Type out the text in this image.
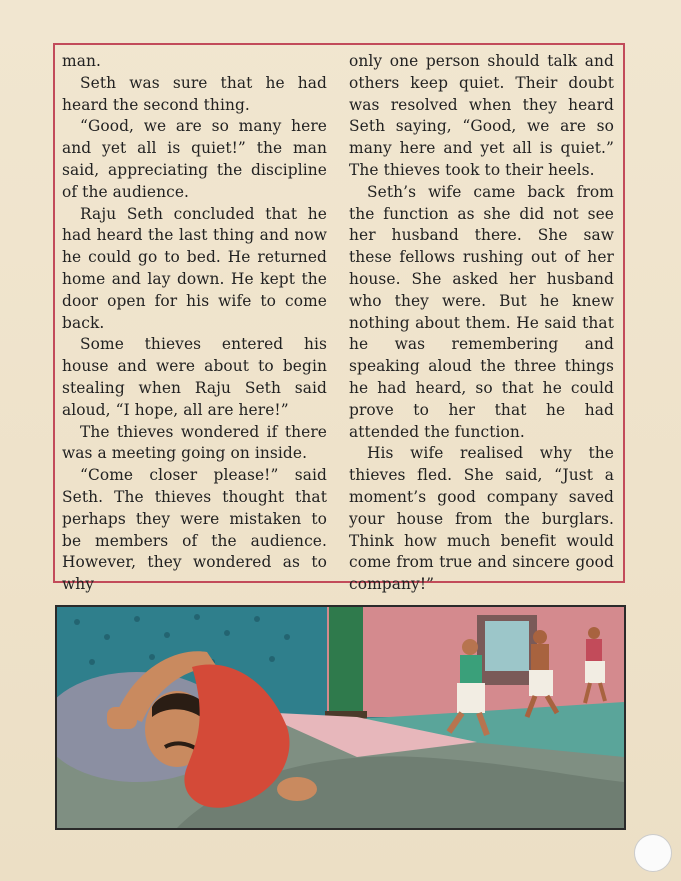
man.

Seth was sure that he had heard the second thing.

“Good, we are so many here and yet all is quiet!” the man said, appreciating the discipline of the audience.

Raju Seth concluded that he had heard the last thing and now he could go to bed. He returned home and lay down. He kept the door open for his wife to come back.

Some thieves entered his house and were about to begin stealing when Raju Seth said aloud, “I hope, all are here!”

The thieves wondered if there was a meeting going on inside.

“Come closer please!” said Seth. The thieves thought that perhaps they were mistaken to be members of the audience. However, they wondered as to why

only one person should talk and others keep quiet. Their doubt was resolved when they heard Seth saying, “Good, we are so many here and yet all is quiet.” The thieves took to their heels.

Seth’s wife came back from the function as she did not see her husband there. She saw these fellows rushing out of her house. She asked her husband who they were. But he knew nothing about them. He said that he was remembering and speaking aloud the three things he had heard, so that he could prove to her that he had attended the function.

His wife realised why the thieves fled. She said, “Just a moment’s good company saved your house from the burglars. Think how much benefit would come from true and sincere good company!”
